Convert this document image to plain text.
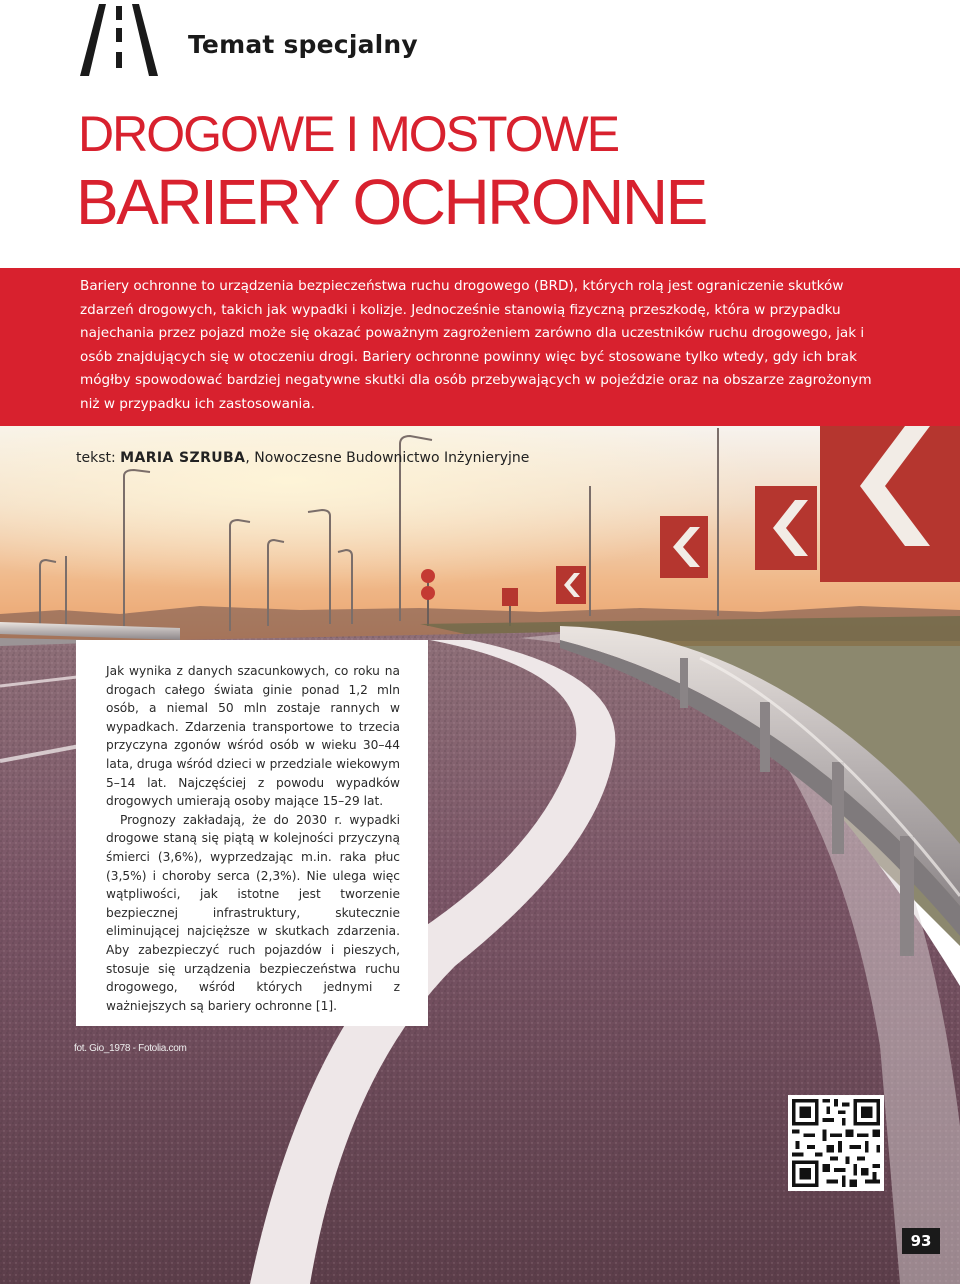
Temat specjalny
DROGOWE I MOSTOWE
BARIERY OCHRONNE
Bariery ochronne to urządzenia bezpieczeństwa ruchu drogowego (BRD), których rolą jest ograniczenie skutków zdarzeń drogowych, takich jak wypadki i kolizje. Jednocześnie stanowią fizyczną przeszkodę, która w przypadku najechania przez pojazd może się okazać poważnym zagrożeniem zarówno dla uczestników ruchu drogowego, jak i osób znajdujących się w otoczeniu drogi. Bariery ochronne powinny więc być stosowane tylko wtedy, gdy ich brak mógłby spowodować bardziej negatywne skutki dla osób przebywających w pojeździe oraz na obszarze zagrożonym niż w przypadku ich zastosowania.
tekst: MARIA SZRUBA, Nowoczesne Budownictwo Inżynieryjne

Jak wynika z danych szacunkowych, co roku na drogach całego świata ginie ponad 1,2 mln osób, a niemal 50 mln zostaje rannych w wypadkach. Zdarzenia transportowe to trzecia przyczyna zgonów wśród osób w wieku 30–44 lata, druga wśród dzieci w przedziale wiekowym 5–14 lat. Najczęściej z powodu wypadków drogowych umierają osoby mające 15–29 lat.

Prognozy zakładają, że do 2030 r. wypadki drogowe staną się piątą w kolejności przyczyną śmierci (3,6%), wyprzedzając m.in. raka płuc (3,5%) i choroby serca (2,3%). Nie ulega więc wątpliwości, jak istotne jest tworzenie bezpiecznej infrastruktury, skutecznie eliminującej najcięższe w skutkach zdarzenia. Aby zabezpieczyć ruch pojazdów i pieszych, stosuje się urządzenia bezpieczeństwa ruchu drogowego, wśród których jednymi z ważniejszych są bariery ochronne [1].

fot. Gio_1978 - Fotolia.com
93
